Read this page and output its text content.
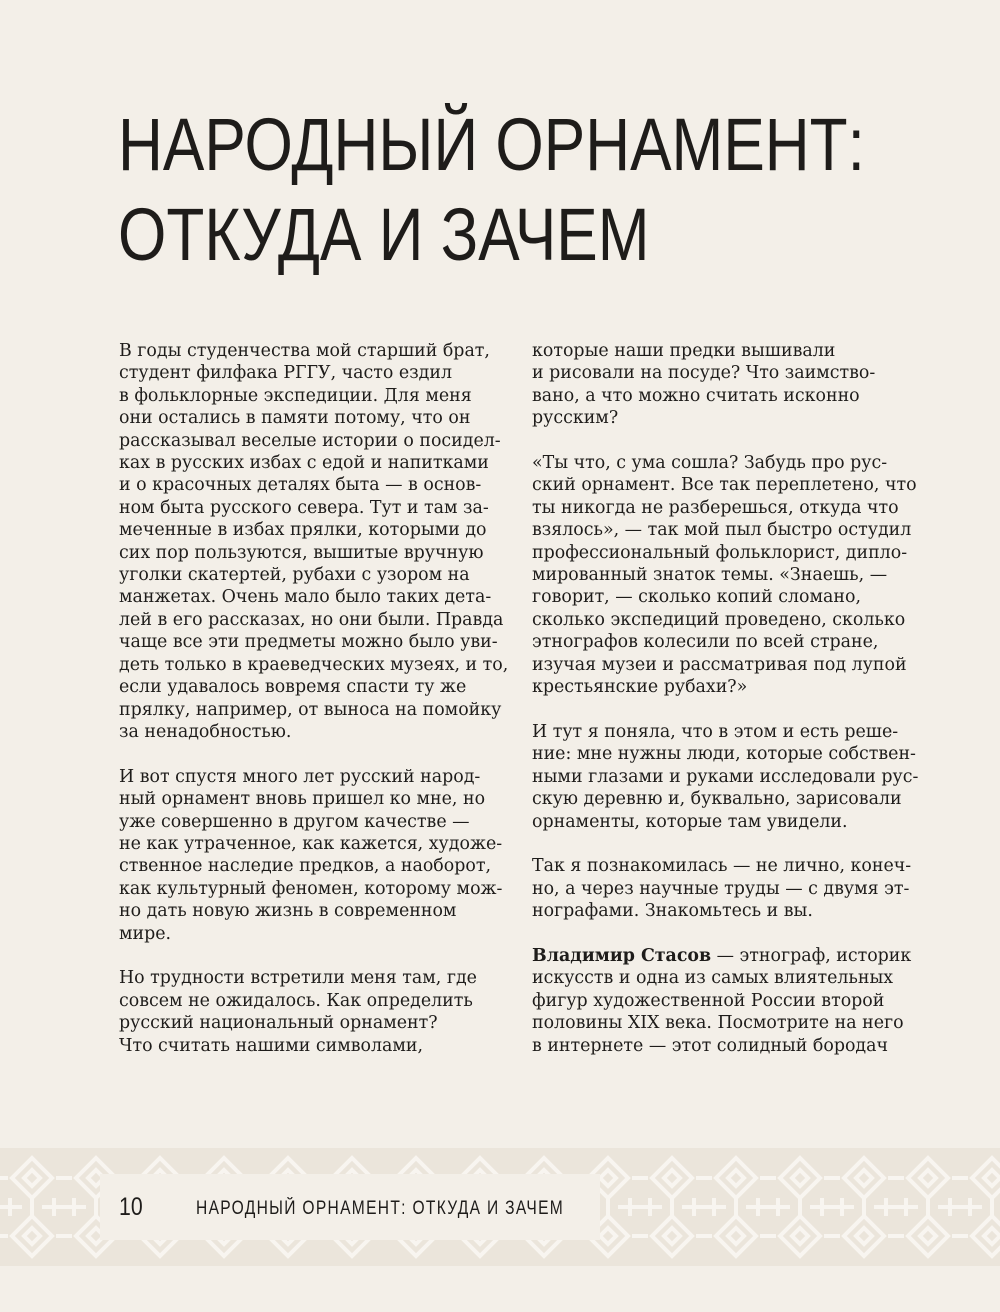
НАРОДНЫЙ ОРНАМЕНТ:
ОТКУДА И ЗАЧЕМ
В годы студенчества мой старший брат,
студент филфака РГГУ, часто ездил
в фольклорные экспедиции. Для меня
они остались в памяти потому, что он
рассказывал веселые истории о посидел-
ках в русских избах с едой и напитками
и о красочных деталях быта — в основ-
ном быта русского севера. Тут и там за-
меченные в избах прялки, которыми до
сих пор пользуются, вышитые вручную
уголки скатертей, рубахи с узором на
манжетах. Очень мало было таких дета-
лей в его рассказах, но они были. Правда
чаще все эти предметы можно было уви-
деть только в краеведческих музеях, и то,
если удавалось вовремя спасти ту же
прялку, например, от выноса на помойку
за ненадобностью.
И вот спустя много лет русский народ-
ный орнамент вновь пришел ко мне, но
уже совершенно в другом качестве —
не как утраченное, как кажется, художе-
ственное наследие предков, а наоборот,
как культурный феномен, которому мож-
но дать новую жизнь в современном
мире.
Но трудности встретили меня там, где
совсем не ожидалось. Как определить
русский национальный орнамент?
Что считать нашими символами,
которые наши предки вышивали
и рисовали на посуде? Что заимство-
вано, а что можно считать исконно
русским?
«Ты что, с ума сошла? Забудь про рус-
ский орнамент. Все так переплетено, что
ты никогда не разберешься, откуда что
взялось», — так мой пыл быстро остудил
профессиональный фольклорист, дипло-
мированный знаток темы. «Знаешь, —
говорит, — сколько копий сломано,
сколько экспедиций проведено, сколько
этнографов колесили по всей стране,
изучая музеи и рассматривая под лупой
крестьянские рубахи?»
И тут я поняла, что в этом и есть реше-
ние: мне нужны люди, которые собствен-
ными глазами и руками исследовали рус-
скую деревню и, буквально, зарисовали
орнаменты, которые там увидели.
Так я познакомилась — не лично, конеч-
но, а через научные труды — с двумя эт-
нографами. Знакомьтесь и вы.
Владимир Стасов — этнограф, историк
искусств и одна из самых влиятельных
фигур художественной России второй
половины XIX века. Посмотрите на него
в интернете — этот солидный бородач
10	НАРОДНЫЙ ОРНАМЕНТ: ОТКУДА И ЗАЧЕМ
